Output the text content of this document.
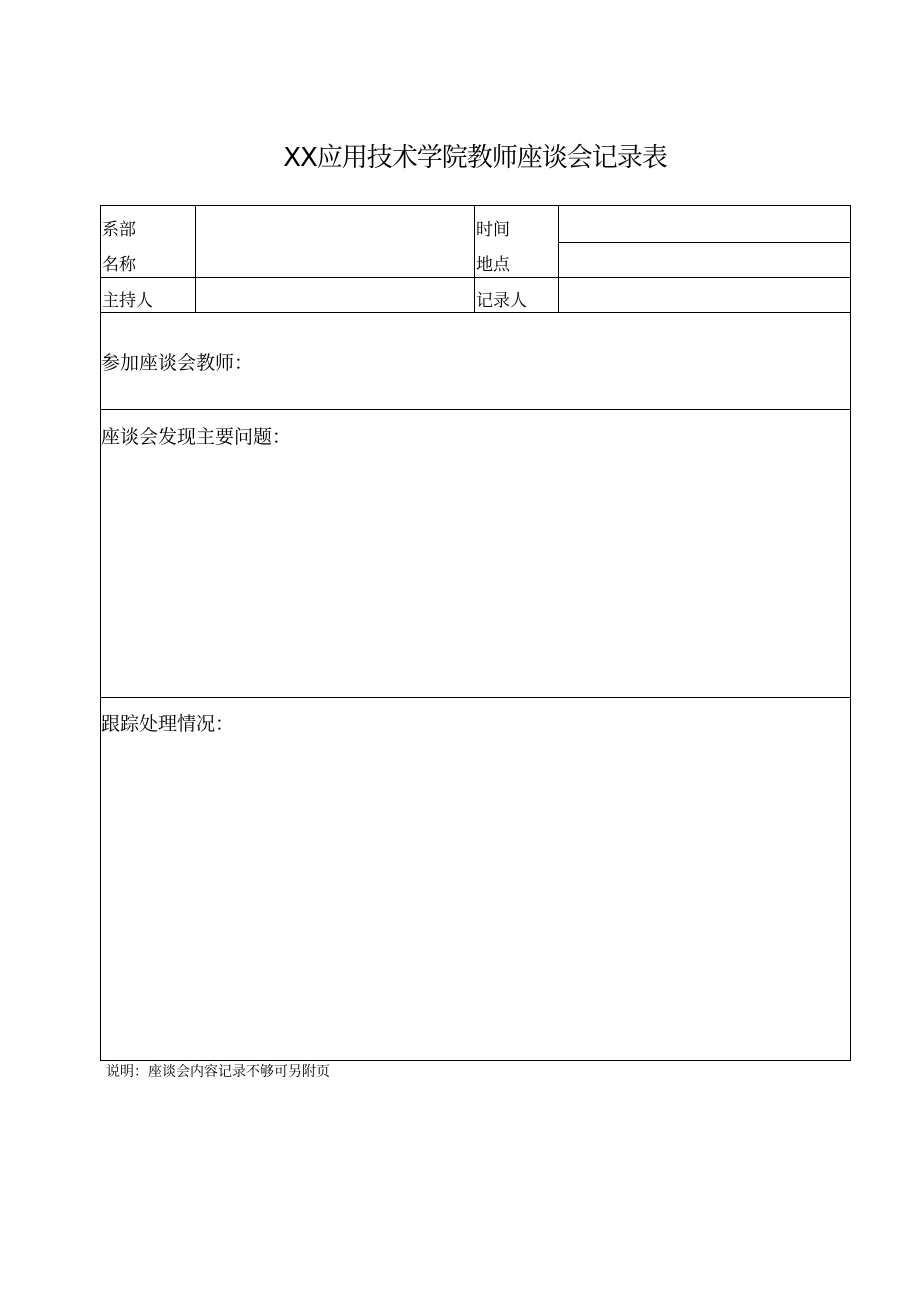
XX应用技术学院教师座谈会记录表
系部
名称
时间
地点
主持人	记录人
参加座谈会教师：
座谈会发现主要问题：
跟踪处理情况：
说明：座谈会内容记录不够可另附页
